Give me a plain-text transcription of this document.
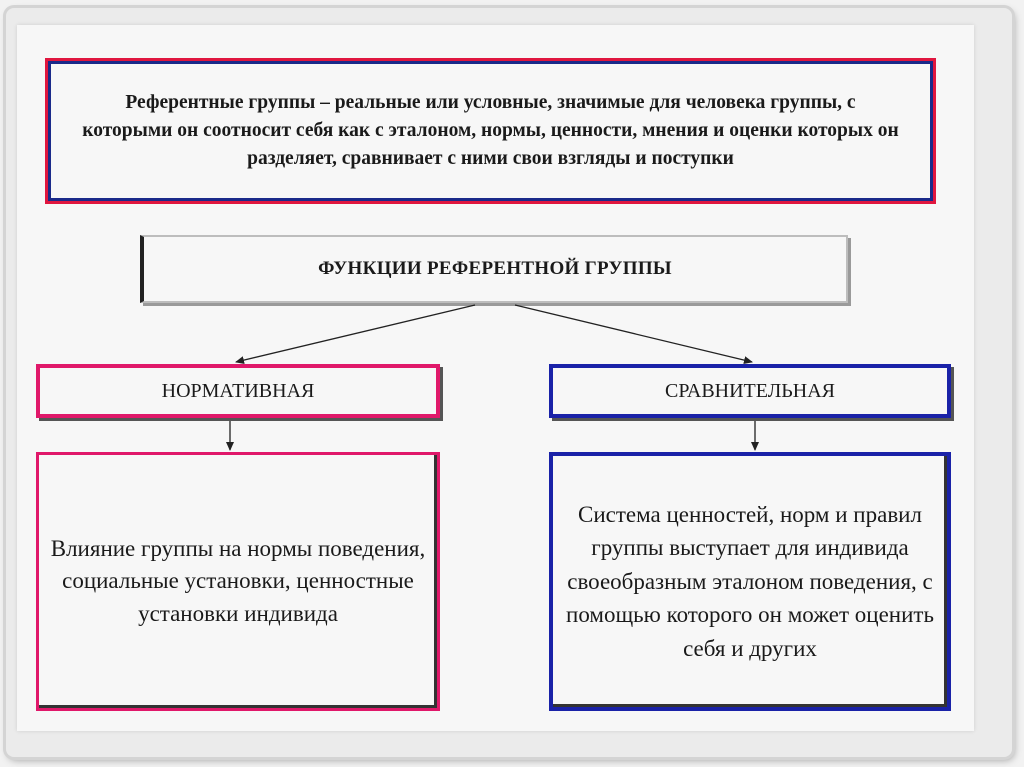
Референтные группы – реальные или условные, значимые для человека группы, с которыми он соотносит себя как с эталоном, нормы, ценности, мнения и оценки которых он разделяет, сравнивает с ними свои взгляды и поступки
ФУНКЦИИ РЕФЕРЕНТНОЙ ГРУППЫ
НОРМАТИВНАЯ	СРАВНИТЕЛЬНАЯ
Влияние группы на нормы поведения, социальные установки, ценностные установки индивида
Система ценностей, норм и правил группы выступает для индивида своеобразным эталоном поведения, с помощью которого он может оценить себя и других
